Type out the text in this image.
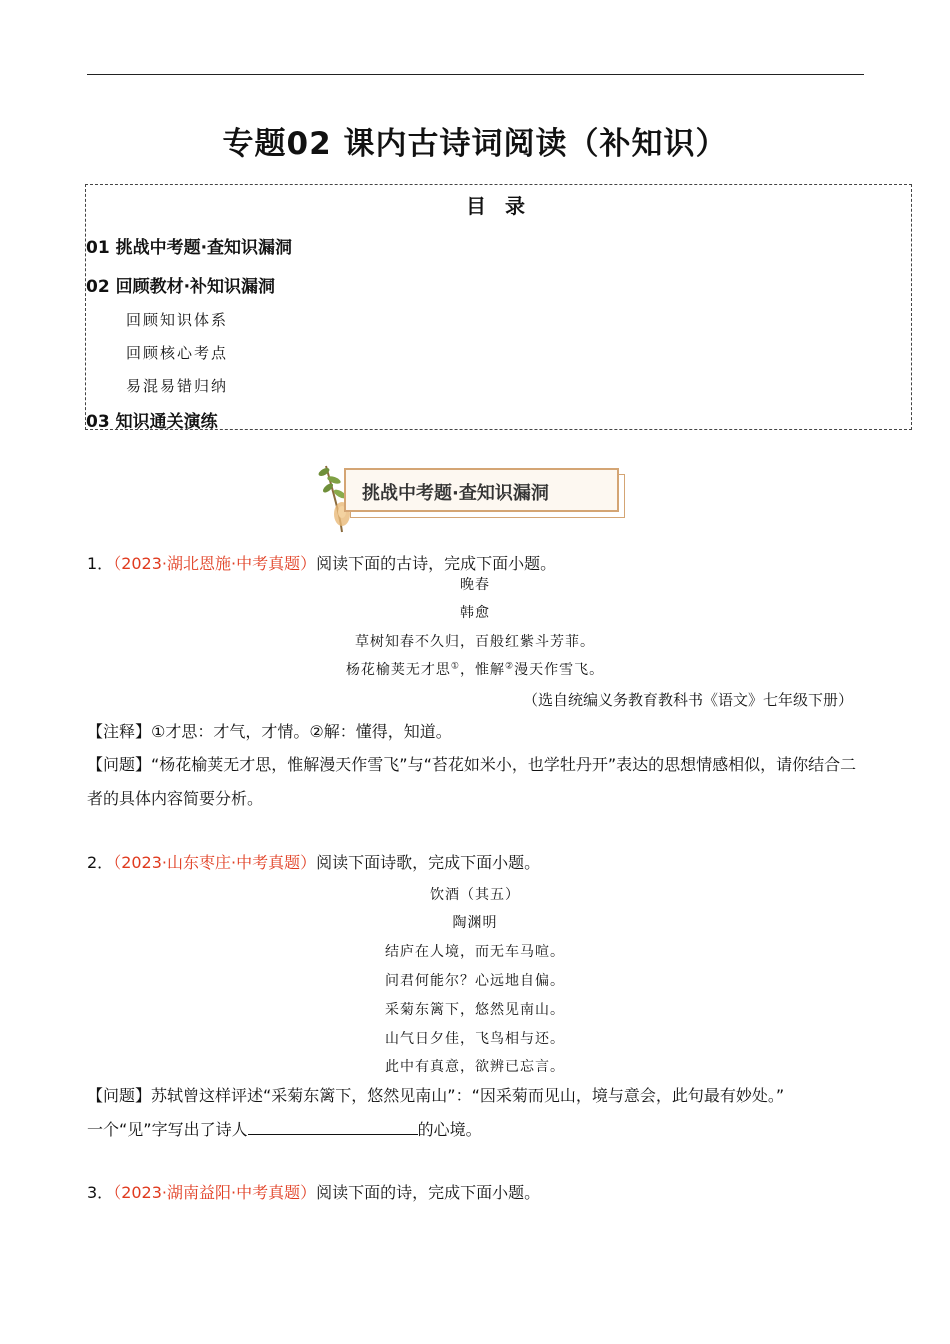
专题02 课内古诗词阅读（补知识）
目 录
01 挑战中考题·查知识漏洞
02 回顾教材·补知识漏洞
回顾知识体系
回顾核心考点
易混易错归纳
03 知识通关演练
挑战中考题·查知识漏洞
1．（2023·湖北恩施·中考真题）阅读下面的古诗，完成下面小题。
晚春
韩愈
草树知春不久归，百般红紫斗芳菲。
杨花榆荚无才思①，惟解②漫天作雪飞。
（选自统编义务教育教科书《语文》七年级下册）
【注释】①才思：才气，才情。②解：懂得，知道。
【问题】“杨花榆荚无才思，惟解漫天作雪飞”与“苔花如米小，也学牡丹开”表达的思想情感相似，请你结合二者的具体内容简要分析。
2．（2023·山东枣庄·中考真题）阅读下面诗歌，完成下面小题。
饮酒（其五）
陶渊明
结庐在人境，而无车马喧。
问君何能尔？心远地自偏。
采菊东篱下，悠然见南山。
山气日夕佳，飞鸟相与还。
此中有真意，欲辨已忘言。
【问题】苏轼曾这样评述“采菊东篱下，悠然见南山”：“因采菊而见山，境与意会，此句最有妙处。”
一个“见”字写出了诗人	的心境。
3．（2023·湖南益阳·中考真题）阅读下面的诗，完成下面小题。
